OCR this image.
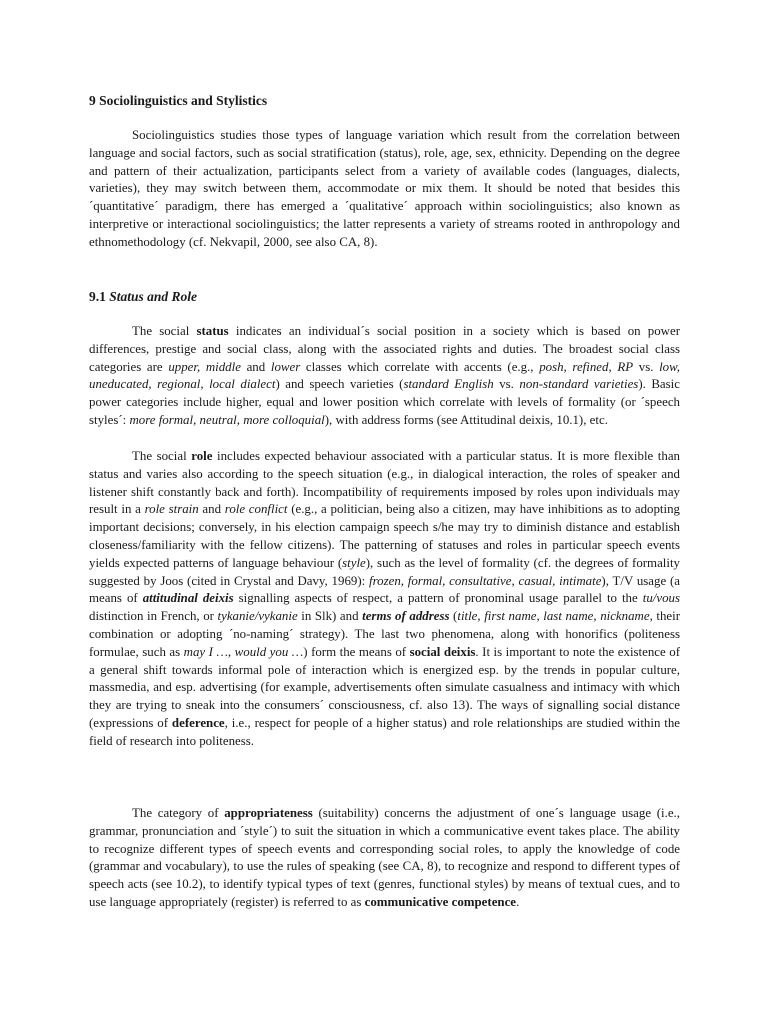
9 Sociolinguistics and Stylistics

Sociolinguistics studies those types of language variation which result from the correlation between language and social factors, such as social stratification (status), role, age, sex, ethnicity. Depending on the degree and pattern of their actualization, participants select from a variety of available codes (languages, dialects, varieties), they may switch between them, accommodate or mix them. It should be noted that besides this ´quantitative´ paradigm, there has emerged a ´qualitative´ approach within sociolinguistics; also known as interpretive or interactional sociolinguistics; the latter represents a variety of streams rooted in anthropology and ethnomethodology (cf. Nekvapil, 2000, see also CA, 8).

9.1 Status and Role

The social status indicates an individual´s social position in a society which is based on power differences, prestige and social class, along with the associated rights and duties. The broadest social class categories are upper, middle and lower classes which correlate with accents (e.g., posh, refined, RP vs. low, uneducated, regional, local dialect) and speech varieties (standard English vs. non-standard varieties). Basic power categories include higher, equal and lower position which correlate with levels of formality (or ´speech styles´: more formal, neutral, more colloquial), with address forms (see Attitudinal deixis, 10.1), etc.

The social role includes expected behaviour associated with a particular status. It is more flexible than status and varies also according to the speech situation (e.g., in dialogical interaction, the roles of speaker and listener shift constantly back and forth). Incompatibility of requirements imposed by roles upon individuals may result in a role strain and role conflict (e.g., a politician, being also a citizen, may have inhibitions as to adopting important decisions; conversely, in his election campaign speech s/he may try to diminish distance and establish closeness/familiarity with the fellow citizens). The patterning of statuses and roles in particular speech events yields expected patterns of language behaviour (style), such as the level of formality (cf. the degrees of formality suggested by Joos (cited in Crystal and Davy, 1969): frozen, formal, consultative, casual, intimate), T/V usage (a means of attitudinal deixis signalling aspects of respect, a pattern of pronominal usage parallel to the tu/vous distinction in French, or tykanie/vykanie in Slk) and terms of address (title, first name, last name, nickname, their combination or adopting ´no-naming´ strategy). The last two phenomena, along with honorifics (politeness formulae, such as may I …, would you …) form the means of social deixis. It is important to note the existence of a general shift towards informal pole of interaction which is energized esp. by the trends in popular culture, massmedia, and esp. advertising (for example, advertisements often simulate casualness and intimacy with which they are trying to sneak into the consumers´ consciousness, cf. also 13). The ways of signalling social distance (expressions of deference, i.e., respect for people of a higher status) and role relationships are studied within the field of research into politeness.

The category of appropriateness (suitability) concerns the adjustment of one´s language usage (i.e., grammar, pronunciation and ´style´) to suit the situation in which a communicative event takes place. The ability to recognize different types of speech events and corresponding social roles, to apply the knowledge of code (grammar and vocabulary), to use the rules of speaking (see CA, 8), to recognize and respond to different types of speech acts (see 10.2), to identify typical types of text (genres, functional styles) by means of textual cues, and to use language appropriately (register) is referred to as communicative competence.
